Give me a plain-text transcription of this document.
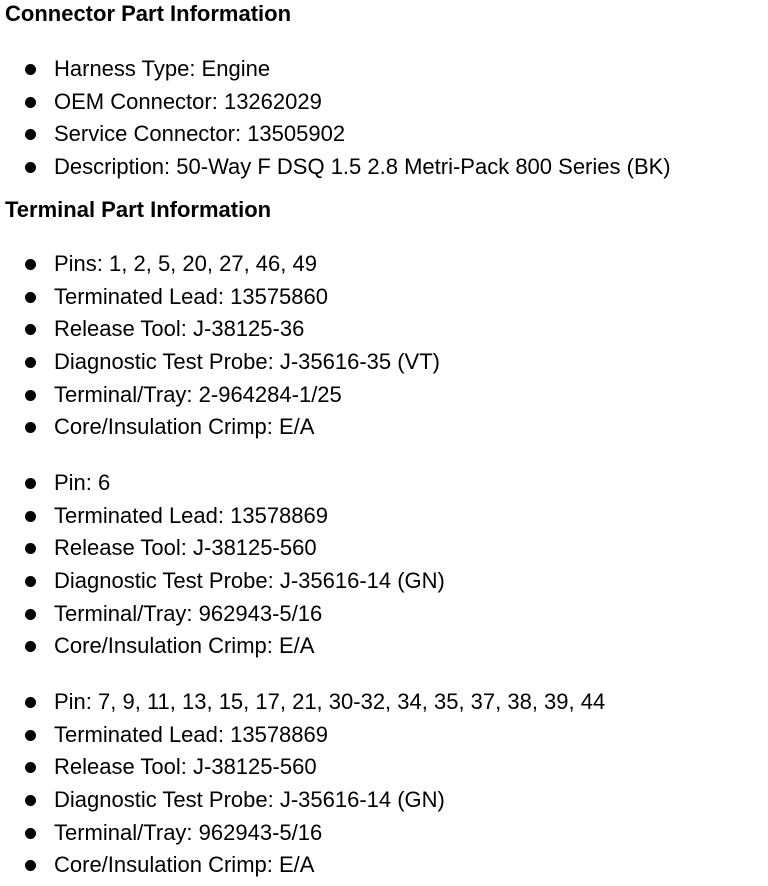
Connector Part Information
Harness Type: Engine
OEM Connector: 13262029
Service Connector: 13505902
Description: 50-Way F DSQ 1.5 2.8 Metri-Pack 800 Series (BK)
Terminal Part Information
Pins: 1, 2, 5, 20, 27, 46, 49
Terminated Lead: 13575860
Release Tool: J-38125-36
Diagnostic Test Probe: J-35616-35 (VT)
Terminal/Tray: 2-964284-1/25
Core/Insulation Crimp: E/A
Pin: 6
Terminated Lead: 13578869
Release Tool: J-38125-560
Diagnostic Test Probe: J-35616-14 (GN)
Terminal/Tray: 962943-5/16
Core/Insulation Crimp: E/A
Pin: 7, 9, 11, 13, 15, 17, 21, 30-32, 34, 35, 37, 38, 39, 44
Terminated Lead: 13578869
Release Tool: J-38125-560
Diagnostic Test Probe: J-35616-14 (GN)
Terminal/Tray: 962943-5/16
Core/Insulation Crimp: E/A
